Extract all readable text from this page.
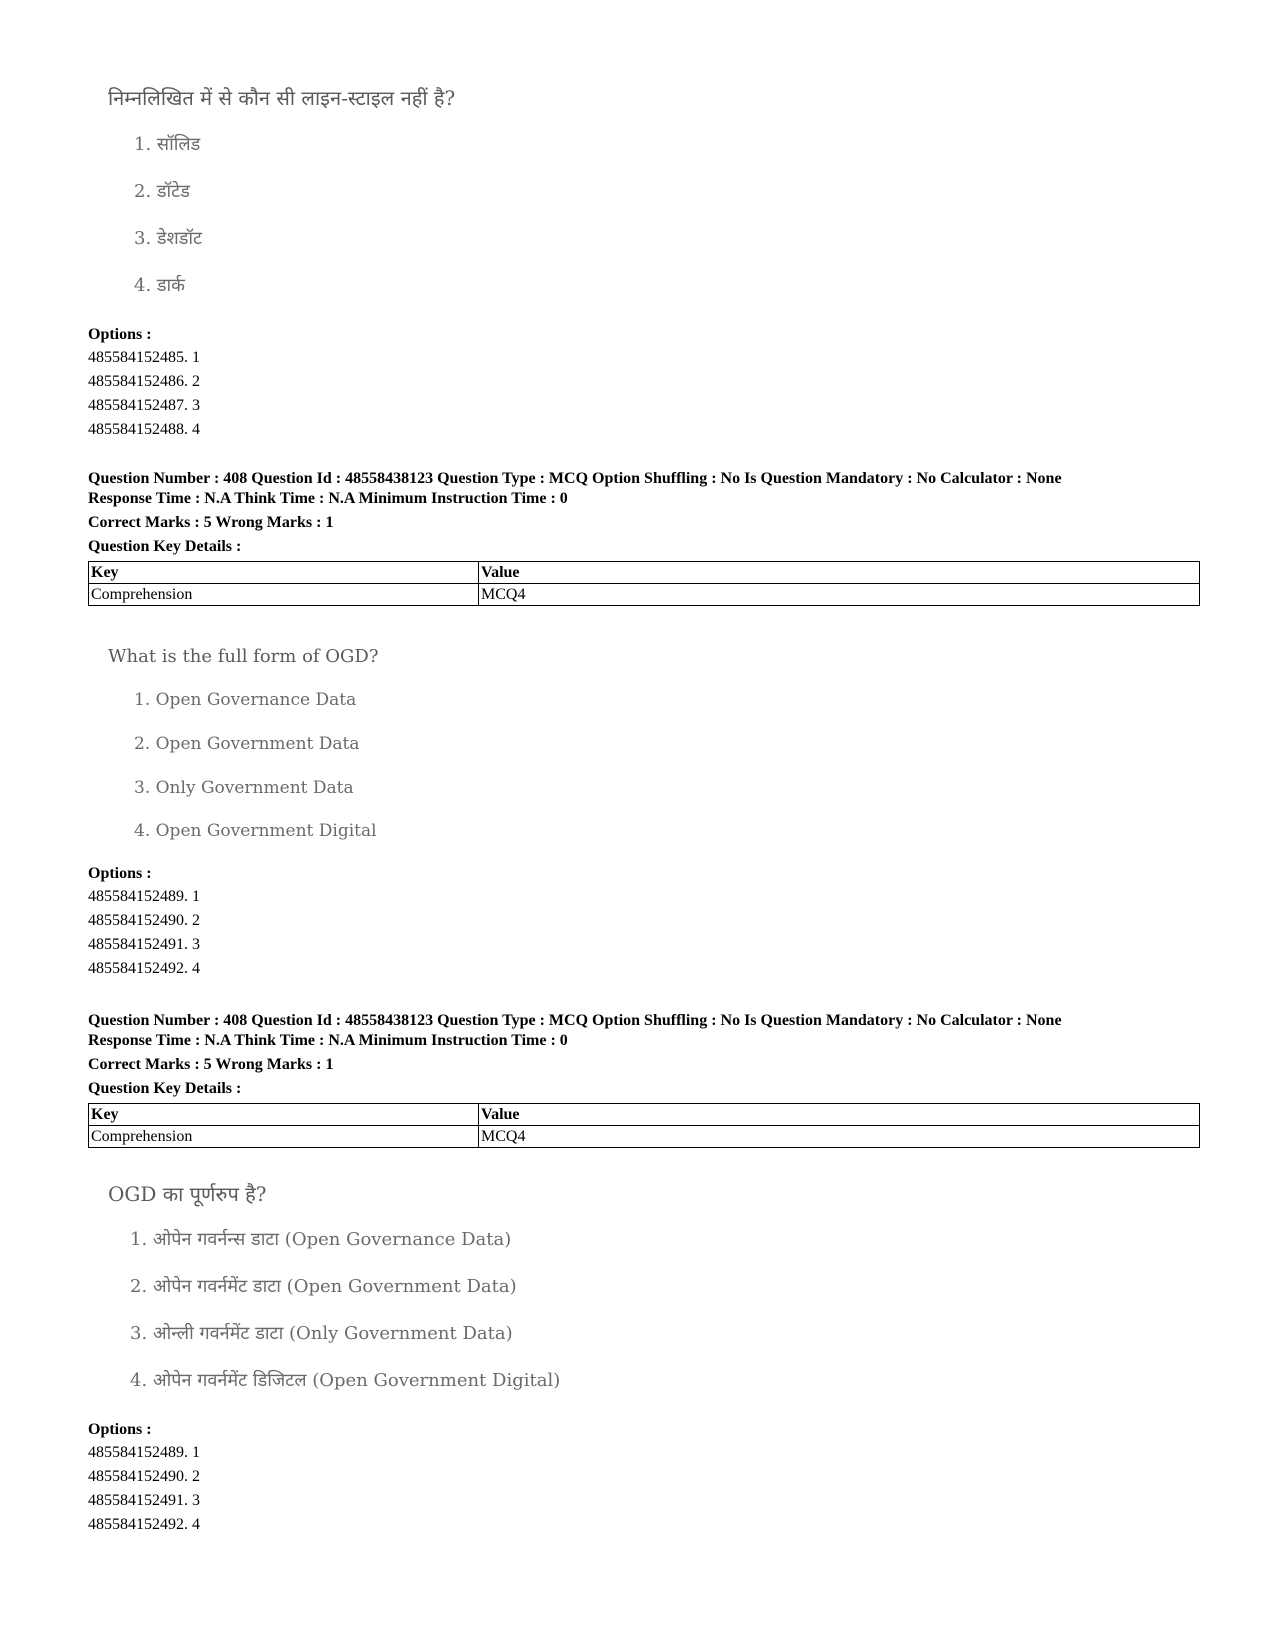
निम्नलिखित में से कौन सी लाइन-स्टाइल नहीं है?
1. सॉलिड
2. डॉटेड
3. डेशडॉट
4. डार्क
Options :
485584152485. 1
485584152486. 2
485584152487. 3
485584152488. 4
Question Number : 408 Question Id : 48558438123 Question Type : MCQ Option Shuffling : No Is Question Mandatory : No Calculator : None
Response Time : N.A Think Time : N.A Minimum Instruction Time : 0
Correct Marks : 5 Wrong Marks : 1
Question Key Details :
Key	Value
Comprehension	MCQ4
What is the full form of OGD?
1. Open Governance Data
2. Open Government Data
3. Only Government Data
4. Open Government Digital
Options :
485584152489. 1
485584152490. 2
485584152491. 3
485584152492. 4
Question Number : 408 Question Id : 48558438123 Question Type : MCQ Option Shuffling : No Is Question Mandatory : No Calculator : None
Response Time : N.A Think Time : N.A Minimum Instruction Time : 0
Correct Marks : 5 Wrong Marks : 1
Question Key Details :
Key	Value
Comprehension	MCQ4
OGD का पूर्णरुप है?
1. ओपेन गवर्नन्स डाटा (Open Governance Data)
2. ओपेन गवर्नमेंट डाटा (Open Government Data)
3. ओन्ली गवर्नमेंट डाटा (Only Government Data)
4. ओपेन गवर्नमेंट डिजिटल (Open Government Digital)
Options :
485584152489. 1
485584152490. 2
485584152491. 3
485584152492. 4
